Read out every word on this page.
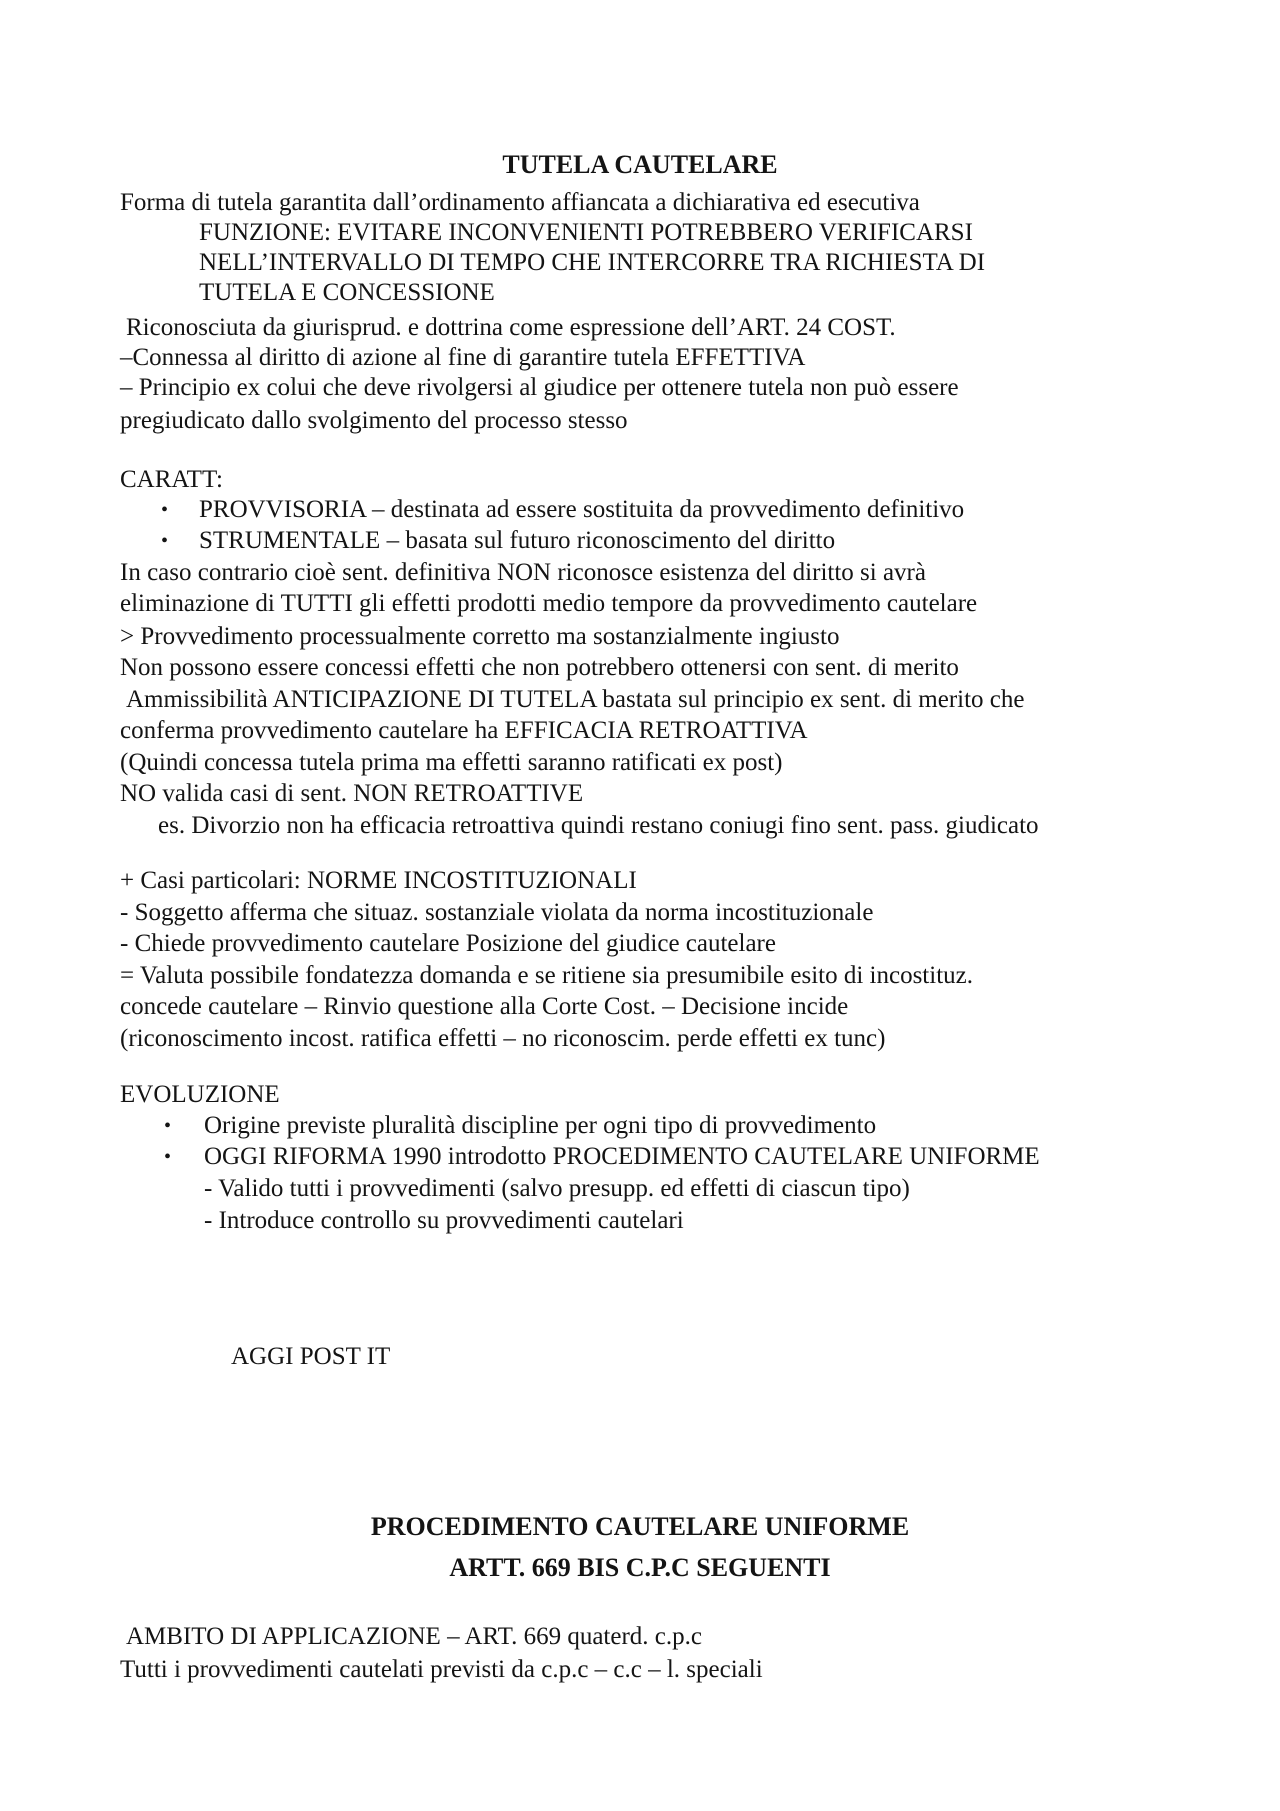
TUTELA CAUTELARE
Forma di tutela garantita dall’ordinamento affiancata a dichiarativa ed esecutiva
FUNZIONE: EVITARE INCONVENIENTI POTREBBERO VERIFICARSI
NELL’INTERVALLO DI TEMPO CHE INTERCORRE TRA RICHIESTA DI
TUTELA E CONCESSIONE
Riconosciuta da giurisprud. e dottrina come espressione dell’ART. 24 COST.
–Connessa al diritto di azione al fine di garantire tutela EFFETTIVA
– Principio ex colui che deve rivolgersi al giudice per ottenere tutela non può essere
pregiudicato dallo svolgimento del processo stesso
CARATT:
• PROVVISORIA – destinata ad essere sostituita da provvedimento definitivo
• STRUMENTALE – basata sul futuro riconoscimento del diritto
In caso contrario cioè sent. definitiva NON riconosce esistenza del diritto si avrà
eliminazione di TUTTI gli effetti prodotti medio tempore da provvedimento cautelare
> Provvedimento processualmente corretto ma sostanzialmente ingiusto
Non possono essere concessi effetti che non potrebbero ottenersi con sent. di merito
Ammissibilità ANTICIPAZIONE DI TUTELA bastata sul principio ex sent. di merito che
conferma provvedimento cautelare ha EFFICACIA RETROATTIVA
(Quindi concessa tutela prima ma effetti saranno ratificati ex post)
NO valida casi di sent. NON RETROATTIVE
es. Divorzio non ha efficacia retroattiva quindi restano coniugi fino sent. pass. giudicato
+ Casi particolari: NORME INCOSTITUZIONALI
- Soggetto afferma che situaz. sostanziale violata da norma incostituzionale
- Chiede provvedimento cautelare Posizione del giudice cautelare
= Valuta possibile fondatezza domanda e se ritiene sia presumibile esito di incostituz.
concede cautelare – Rinvio questione alla Corte Cost. – Decisione incide
(riconoscimento incost. ratifica effetti – no riconoscim. perde effetti ex tunc)
EVOLUZIONE
• Origine previste pluralità discipline per ogni tipo di provvedimento
• OGGI RIFORMA 1990 introdotto PROCEDIMENTO CAUTELARE UNIFORME
- Valido tutti i provvedimenti (salvo presupp. ed effetti di ciascun tipo)
- Introduce controllo su provvedimenti cautelari
AGGI POST IT
PROCEDIMENTO CAUTELARE UNIFORME
ARTT. 669 BIS C.P.C SEGUENTI
AMBITO DI APPLICAZIONE – ART. 669 quaterd. c.p.c
Tutti i provvedimenti cautelati previsti da c.p.c – c.c – l. speciali
